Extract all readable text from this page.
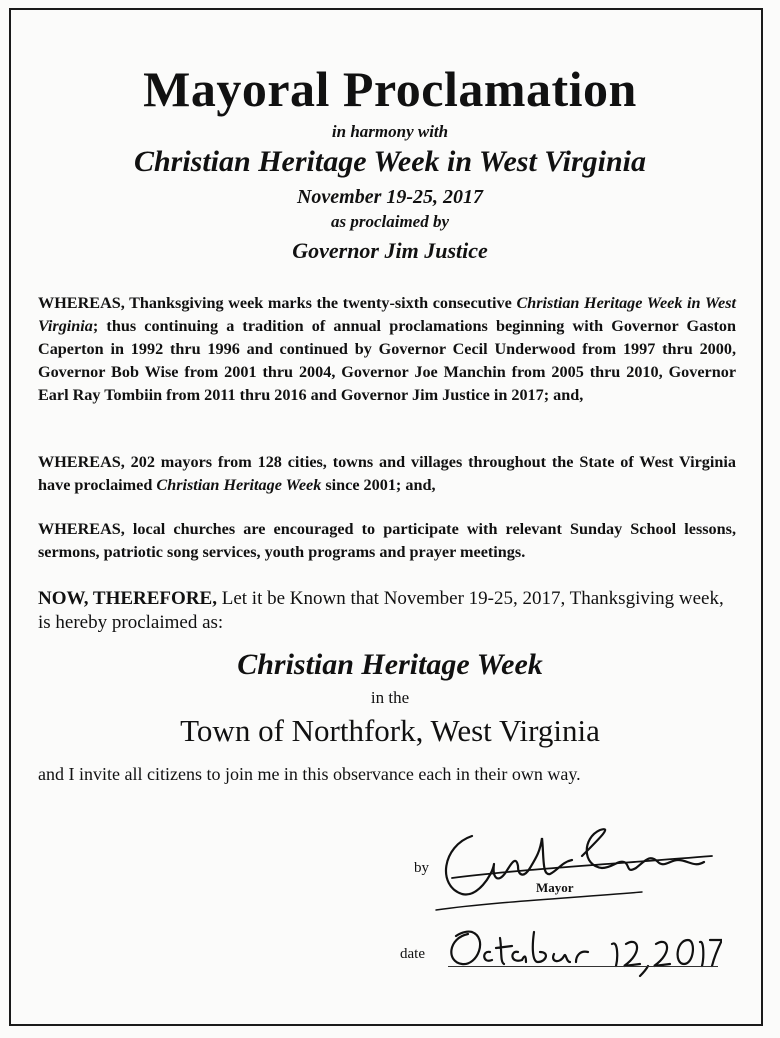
Mayoral Proclamation
in harmony with
Christian Heritage Week in West Virginia
November 19-25, 2017
as proclaimed by
Governor Jim Justice
WHEREAS, Thanksgiving week marks the twenty-sixth consecutive Christian Heritage Week in West Virginia; thus continuing a tradition of annual proclamations beginning with Governor Gaston Caperton in 1992 thru 1996 and continued by Governor Cecil Underwood from 1997 thru 2000, Governor Bob Wise from 2001 thru 2004, Governor Joe Manchin from 2005 thru 2010, Governor Earl Ray Tombiin from 2011 thru 2016 and Governor Jim Justice in 2017; and,
WHEREAS, 202 mayors from 128 cities, towns and villages throughout the State of West Virginia have proclaimed Christian Heritage Week since 2001; and,
WHEREAS, local churches are encouraged to participate with relevant Sunday School lessons, sermons, patriotic song services, youth programs and prayer meetings.
NOW, THEREFORE, Let it be Known that November 19-25, 2017, Thanksgiving week, is hereby proclaimed as:
Christian Heritage Week
in the
Town of Northfork, West Virginia
and I invite all citizens to join me in this observance each in their own way.
by
Mayor
date
